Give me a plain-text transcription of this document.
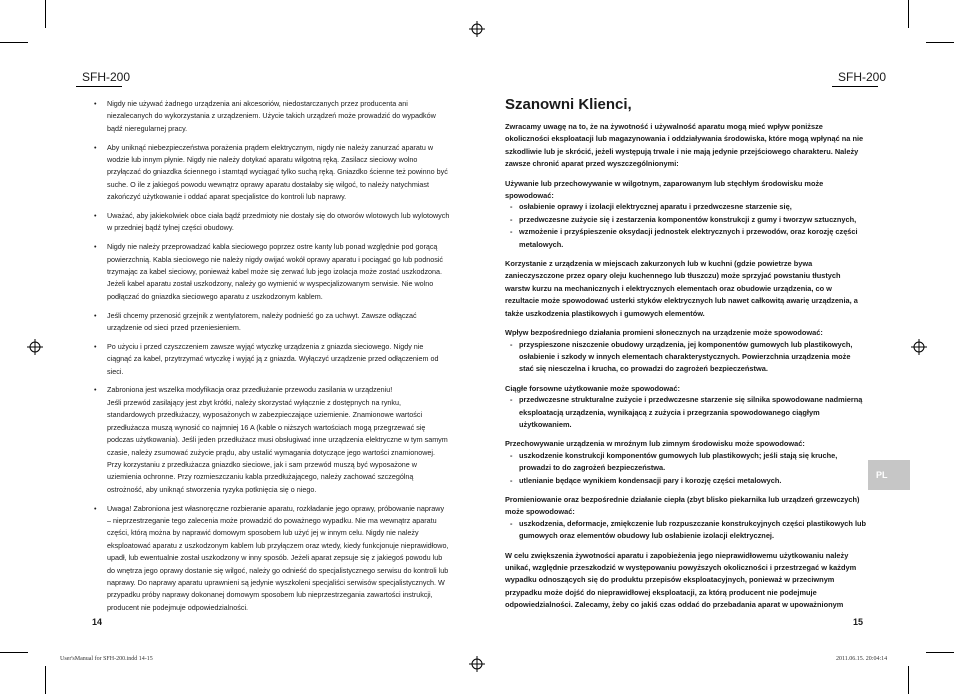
SFH-200	SFH-200
• Nigdy nie używać żadnego urządzenia ani akcesoriów, niedostarczanych przez producenta ani niezalecanych do wykorzystania z urządzeniem. Użycie takich urządzeń może prowadzić do wypadków bądź nieregularnej pracy.
• Aby uniknąć niebezpieczeństwa porażenia prądem elektrycznym, nigdy nie należy zanurzać aparatu w wodzie lub innym płynie. Nigdy nie należy dotykać aparatu wilgotną ręką. Zasilacz sieciowy wolno przyłączać do gniazdka ściennego i stamtąd wyciągać tylko suchą ręką. Gniazdko ścienne też powinno być suche. O ile z jakiegoś powodu wewnątrz oprawy aparatu dostałaby się wilgoć, to należy natychmiast zakończyć użytkowanie i oddać aparat specjalistce do kontroli lub naprawy.
• Uważać, aby jakiekolwiek obce ciała bądź przedmioty nie dostały się do otworów wlotowych lub wylotowych w przedniej bądź tylnej części obudowy.
• Nigdy nie należy przeprowadzać kabla sieciowego poprzez ostre kanty lub ponad względnie pod gorącą powierzchnią. Kabla sieciowego nie należy nigdy owijać wokół oprawy aparatu i pociągać go lub podnosić trzymając za kabel sieciowy, ponieważ kabel może się zerwać lub jego izolacja może zostać uszkodzona. Jeżeli kabel aparatu został uszkodzony, należy go wymienić w wyspecjalizowanym serwisie. Nie wolno podłączać do gniazdka sieciowego aparatu z uszkodzonym kablem.
• Jeśli chcemy przenosić grzejnik z wentylatorem, należy podnieść go za uchwyt. Zawsze odłączać urządzenie od sieci przed przeniesieniem.
• Po użyciu i przed czyszczeniem zawsze wyjąć wtyczkę urządzenia z gniazda sieciowego. Nigdy nie ciągnąć za kabel, przytrzymać wtyczkę i wyjąć ją z gniazda. Wyłączyć urządzenie przed odłączeniem od sieci.
• Zabroniona jest wszelka modyfikacja oraz przedłużanie przewodu zasilania w urządzeniu!
Jeśli przewód zasilający jest zbyt krótki, należy skorzystać wyłącznie z dostępnych na rynku, standardowych przedłużaczy, wyposażonych w zabezpieczające uziemienie. Znamionowe wartości przedłużacza muszą wynosić co najmniej 16 A (kable o niższych wartościach mogą przegrzewać się podczas użytkowania). Jeśli jeden przedłużacz musi obsługiwać inne urządzenia elektryczne w tym samym czasie, należy zsumować zużycie prądu, aby ustalić wymagania dotyczące jego wartości znamionowej. Przy korzystaniu z przedłużacza gniazdko sieciowe, jak i sam przewód muszą być wyposażone w uziemienia ochronne. Przy rozmieszczaniu kabla przedłużającego, należy zachować szczególną ostrożność, aby uniknąć stworzenia ryzyka potknięcia się o niego.
• Uwaga! Zabroniona jest własnoręczne rozbieranie aparatu, rozkładanie jego oprawy, próbowanie naprawy – nieprzestrzeganie tego zalecenia może prowadzić do poważnego wypadku. Nie ma wewnątrz aparatu części, którą można by naprawić domowym sposobem lub użyć jej w innym celu. Nigdy nie należy eksploatować aparatu z uszkodzonym kablem lub przyłączem oraz wtedy, kiedy funkcjonuje nieprawidłowo, upadł, lub ewentualnie został uszkodzony w inny sposób. Jeżeli aparat zepsuje się z jakiegoś powodu lub do wnętrza jego oprawy dostanie się wilgoć, należy go odnieść do specjalistycznego serwisu do kontroli lub naprawy. Do naprawy aparatu uprawnieni są jedynie wyszkoleni specjaliści serwisów specjalistycznych. W przypadku próby naprawy dokonanej domowym sposobem lub nieprzestrzegania zawartości instrukcji, producent nie podejmuje odpowiedzialności.
14
Szanowni Klienci,

Zwracamy uwagę na to, że na żywotność i używalność aparatu mogą mieć wpływ poniższe okoliczności eksploatacji lub magazynowania i oddziaływania środowiska, które mogą wpłynąć na nie szkodliwie lub je skrócić, jeżeli występują trwale i nie mają jedynie przejściowego charakteru. Należy zawsze chronić aparat przed wyszczególnionymi:

Używanie lub przechowywanie w wilgotnym, zaparowanym lub stęchłym środowisku może spowodować:

- osłabienie oprawy i izolacji elektrycznej aparatu i przedwczesne starzenie się,
- przedwczesne zużycie się i zestarzenia komponentów konstrukcji z gumy i tworzyw sztucznych,
- wzmożenie i przyśpieszenie oksydacji jednostek elektrycznych i przewodów, oraz korozję części metalowych.

Korzystanie z urządzenia w miejscach zakurzonych lub w kuchni (gdzie powietrze bywa zanieczyszczone przez opary oleju kuchennego lub tłuszczu) może sprzyjać powstaniu tłustych warstw kurzu na mechanicznych i elektrycznych elementach oraz obudowie urządzenia, co w rezultacie może spowodować usterki styków elektrycznych lub nawet całkowitą awarię urządzenia, a także uszkodzenia plastikowych i gumowych elementów.

Wpływ bezpośredniego działania promieni słonecznych na urządzenie może spowodować:

- przyspieszone niszczenie obudowy urządzenia, jej komponentów gumowych lub plastikowych, osłabienie i szkody w innych elementach charakterystycznych. Powierzchnia urządzenia może stać się niesczelna i krucha, co prowadzi do zagrożeń bezpieczeństwa.

Ciągłe forsowne użytkowanie może spowodować:

- przedwczesne strukturalne zużycie i przedwczesne starzenie się silnika spowodowane nadmierną eksploatacją urządzenia, wynikającą z zużycia i przegrzania spowodowanego ciągłym użytkowaniem.

Przechowywanie urządzenia w mroźnym lub zimnym środowisku może spowodować:

- uszkodzenie konstrukcji komponentów gumowych lub plastikowych; jeśli stają się kruche, prowadzi to do zagrożeń bezpieczeństwa.
- utlenianie będące wynikiem kondensacji pary i korozję części metalowych.

Promieniowanie oraz bezpośrednie działanie ciepła (zbyt blisko piekarnika lub urządzeń grzewczych) może spowodować:

- uszkodzenia, deformacje, zmiękczenie lub rozpuszczanie konstrukcyjnych części plastikowych lub gumowych oraz elementów obudowy lub osłabienie izolacji elektrycznej.

W celu zwiększenia żywotności aparatu i zapobieżenia jego nieprawidłowemu użytkowaniu należy unikać, względnie przeszkodzić w występowaniu powyższych okoliczności i przestrzegać w każdym wypadku odnoszących się do produktu przepisów eksploatacyjnych, ponieważ w przeciwnym przypadku może dojść do nieprawidłowej eksploatacji, za którą producent nie podejmuje odpowiedzialności. Zalecamy, żeby co jakiś czas oddać do przebadania aparat w upoważnionym

15
PL
User'sManual for SFH-200.indd 14-15	2011.06.15. 20:04:14
